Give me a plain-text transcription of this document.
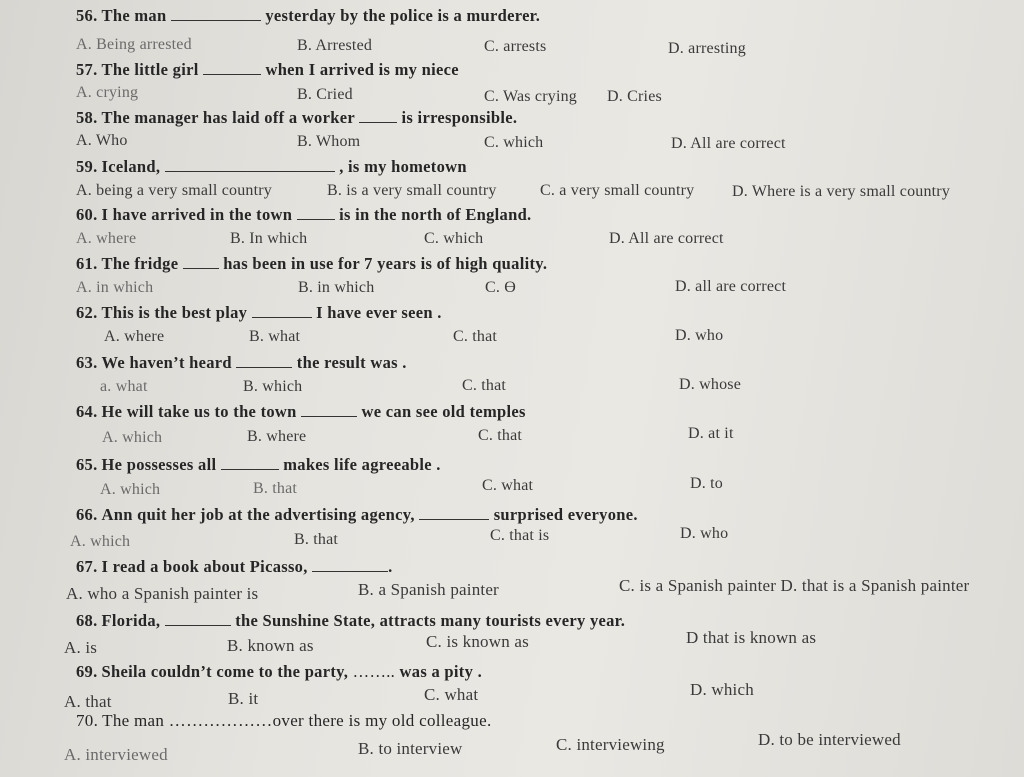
56. The man	yesterday by the police is a murderer.
A. Being arrested	B. Arrested	C. arrests	D. arresting
57. The little girl	when I arrived is my niece
A. crying	B. Cried	C. Was crying D. Cries
58. The manager has laid off a worker	is irresponsible.
A. Who	B. Whom	C. which	D. All are correct
59. Iceland,	, is my hometown
A. being a very small country	B. is a very small country	C. a very small country D. Where is a very small country
60. I have arrived in the town	is in the north of England.
A. where	B. In which	C. which	D. All are correct
61. The fridge	has been in use for 7 years is of high quality.
A. in which	B. in which	C. Ɵ	D. all are correct
62. This is the best play	I have ever seen .
A. where	B. what	C. that	D. who
63. We haven’t heard	the result was .
a. what	B. which	C. that	D. whose
64. He will take us to the town	we can see old temples
A. which	B. where	C. that	D. at it
65. He possesses all	makes life agreeable .
A. which	B. that	C. what	D. to
66. Ann quit her job at the advertising agency,	surprised everyone.
A. which	B. that	C. that is	D. who
67. I read a book about Picasso,	.
A. who a Spanish painter is	B. a Spanish painter	C. is a Spanish painter D. that is a Spanish painter
68. Florida,	the Sunshine State, attracts many tourists every year.
A. is	B. known as	C. is known as	D that is known as
69. Sheila couldn’t come to the party, …….. was a pity .
A. that	B. it	C. what	D. which
70. The man ………………over there is my old colleague.
A. interviewed	B. to interview	C. interviewing	D. to be interviewed
